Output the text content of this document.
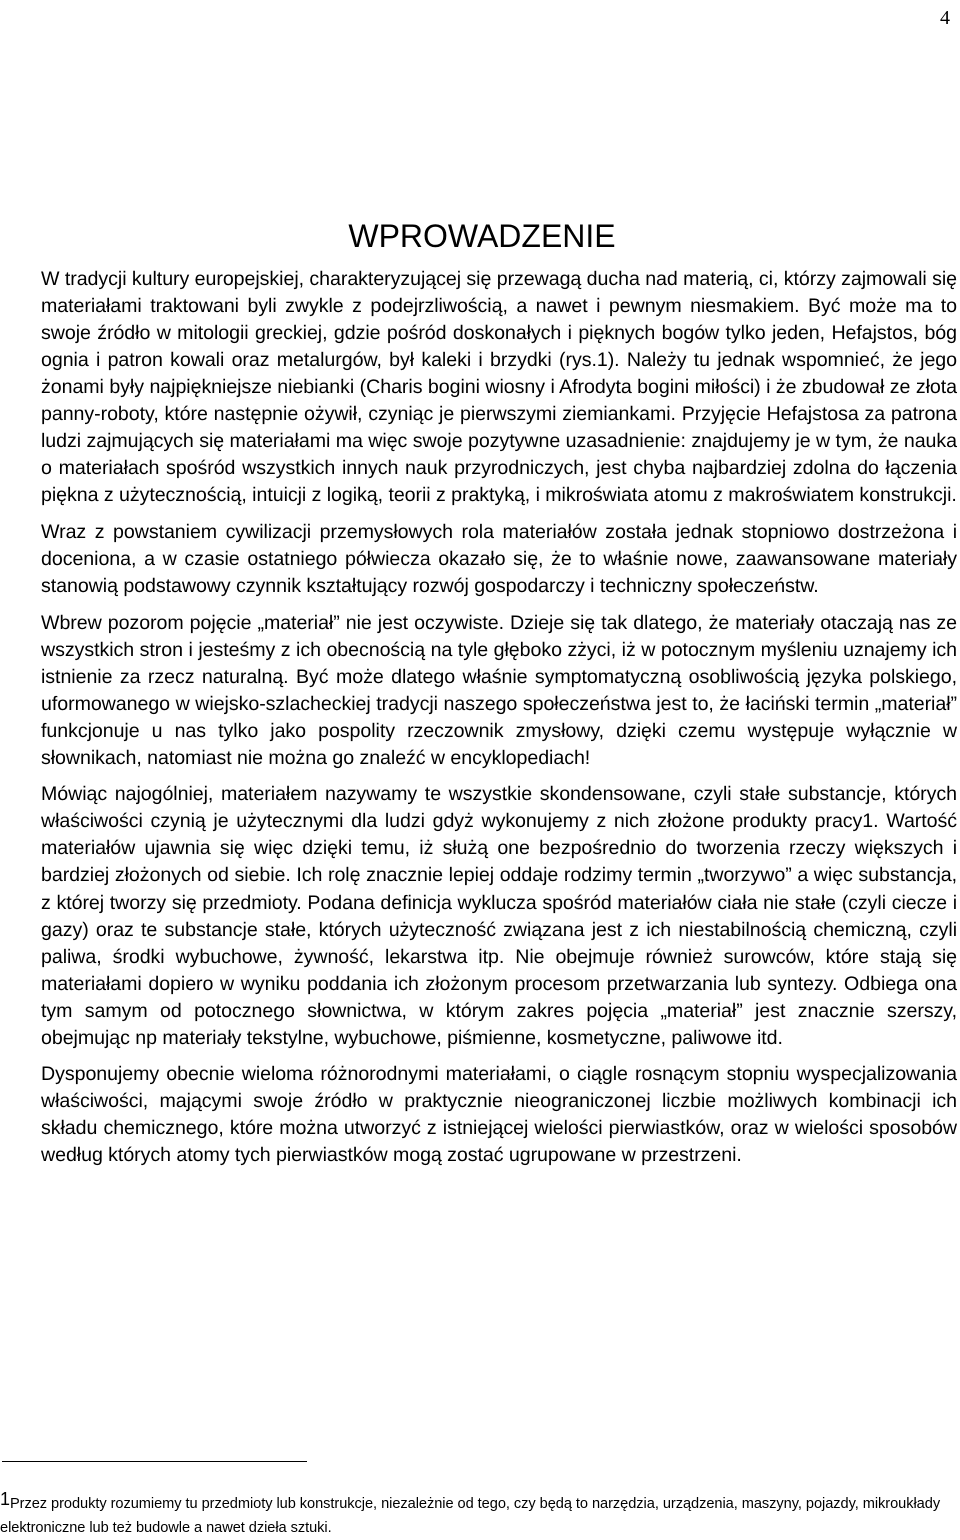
4
WPROWADZENIE

W tradycji kultury europejskiej, charakteryzującej się przewagą ducha nad materią, ci, którzy zajmowali się materiałami traktowani byli zwykle z podejrzliwością, a nawet i pewnym niesmakiem. Być może ma to swoje źródło w mitologii greckiej, gdzie pośród doskonałych i pięknych bogów tylko jeden, Hefajstos, bóg ognia i patron kowali oraz metalurgów, był kaleki i brzydki (rys.1). Należy tu jednak wspomnieć, że jego żonami były najpiękniejsze niebianki (Charis bogini wiosny i Afrodyta bogini miłości) i że zbudował ze złota panny-roboty, które następnie ożywił, czyniąc je pierwszymi ziemiankami. Przyjęcie Hefajstosa za patrona ludzi zajmujących się materiałami ma więc swoje pozytywne uzasadnienie: znajdujemy je w tym, że nauka o materiałach spośród wszystkich innych nauk przyrodniczych, jest chyba najbardziej zdolna do łączenia piękna z użytecznością, intuicji z logiką, teorii z praktyką, i mikroświata atomu z makroświatem konstrukcji.

Wraz z powstaniem cywilizacji przemysłowych rola materiałów została jednak stopniowo dostrzeżona i doceniona, a w czasie ostatniego półwiecza okazało się, że to właśnie nowe, zaawansowane materiały stanowią podstawowy czynnik kształtujący rozwój gospodarczy i techniczny społeczeństw.

Wbrew pozorom pojęcie „materiał” nie jest oczywiste. Dzieje się tak dlatego, że materiały otaczają nas ze wszystkich stron i jesteśmy z ich obecnością na tyle głęboko zżyci, iż w potocznym myśleniu uznajemy ich istnienie za rzecz naturalną. Być może dlatego właśnie symptomatyczną osobliwością języka polskiego, uformowanego w wiejsko-szlacheckiej tradycji naszego społeczeństwa jest to, że łaciński termin „materiał” funkcjonuje u nas tylko jako pospolity rzeczownik zmysłowy, dzięki czemu występuje wyłącznie w słownikach, natomiast nie można go znaleźć w encyklopediach!

Mówiąc najogólniej, materiałem nazywamy te wszystkie skondensowane, czyli stałe substancje, których właściwości czynią je użytecznymi dla ludzi gdyż wykonujemy z nich złożone produkty pracy1. Wartość materiałów ujawnia się więc dzięki temu, iż służą one bezpośrednio do tworzenia rzeczy większych i bardziej złożonych od siebie. Ich rolę znacznie lepiej oddaje rodzimy termin „tworzywo” a więc substancja, z której tworzy się przedmioty. Podana definicja wyklucza spośród materiałów ciała nie stałe (czyli ciecze i gazy) oraz te substancje stałe, których użyteczność związana jest z ich niestabilnością chemiczną, czyli paliwa, środki wybuchowe, żywność, lekarstwa itp. Nie obejmuje również surowców, które stają się materiałami dopiero w wyniku poddania ich złożonym procesom przetwarzania lub syntezy. Odbiega ona tym samym od potocznego słownictwa, w którym zakres pojęcia „materiał” jest znacznie szerszy, obejmując np materiały tekstylne, wybuchowe, piśmienne, kosmetyczne, paliwowe itd.

Dysponujemy obecnie wieloma różnorodnymi materiałami, o ciągle rosnącym stopniu wyspecjalizowania właściwości, mającymi swoje źródło w praktycznie nieograniczonej liczbie możliwych kombinacji ich składu chemicznego, które można utworzyć z istniejącej wielości pierwiastków, oraz w wielości sposobów według których atomy tych pierwiastków mogą zostać ugrupowane w przestrzeni.

$^1$Przez produkty rozumiemy tu przedmioty lub konstrukcje, niezależnie od tego, czy będą to narzędzia, urządzenia, maszyny, pojazdy, mikroukłady elektroniczne lub też budowle a nawet dzieła sztuki.
